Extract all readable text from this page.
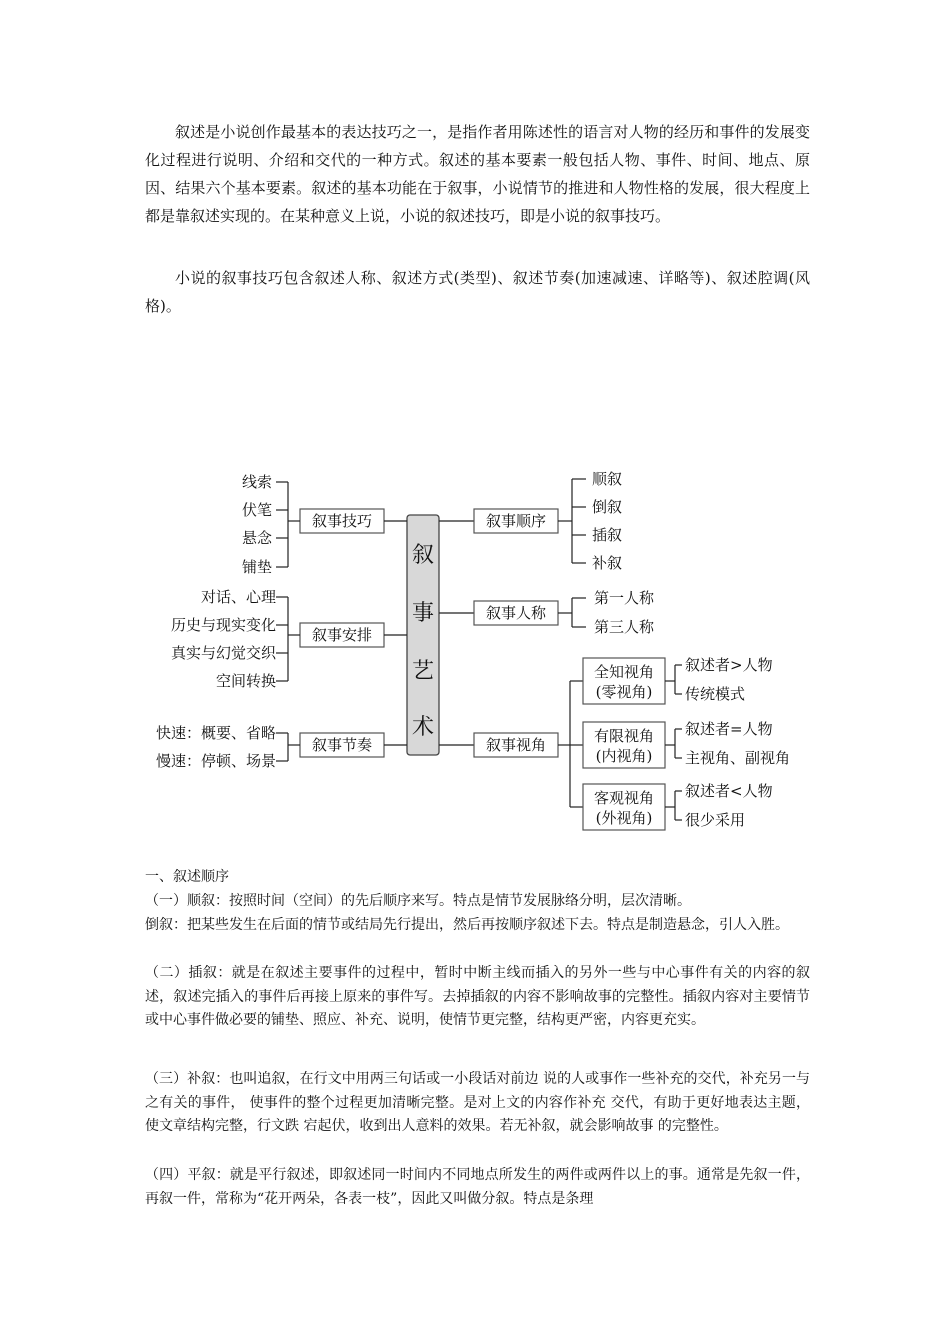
叙述是小说创作最基本的表达技巧之一，是指作者用陈述性的语言对人物的经历和事件的发展变化过程进行说明、介绍和交代的一种方式。叙述的基本要素一般包括人物、事件、时间、地点、原因、结果六个基本要素。叙述的基本功能在于叙事，小说情节的推进和人物性格的发展，很大程度上都是靠叙述实现的。在某种意义上说，小说的叙述技巧，即是小说的叙事技巧。

小说的叙事技巧包含叙述人称、叙述方式(类型)、叙述节奏(加速减速、详略等)、叙述腔调(风格)。

叙
事
艺
术
叙事技巧
线索
伏笔
悬念
铺垫
叙事安排
对话、心理
历史与现实变化
真实与幻觉交织
空间转换
叙事节奏
快速：概要、省略
慢速：停顿、场景
叙事顺序
顺叙
倒叙
插叙
补叙
叙事人称
第一人称
第三人称
叙事视角
全知视角
(零视角)
叙述者>人物
传统模式
有限视角
(内视角)
叙述者=人物
主视角、副视角
客观视角
(外视角)
叙述者<人物
很少采用

一、叙述顺序

（一）顺叙：按照时间（空间）的先后顺序来写。特点是情节发展脉络分明，层次清晰。

倒叙：把某些发生在后面的情节或结局先行提出，然后再按顺序叙述下去。特点是制造悬念，引人入胜。

（二）插叙：就是在叙述主要事件的过程中，暂时中断主线而插入的另外一些与中心事件有关的内容的叙述，叙述完插入的事件后再接上原来的事件写。去掉插叙的内容不影响故事的完整性。插叙内容对主要情节或中心事件做必要的铺垫、照应、补充、说明，使情节更完整，结构更严密，内容更充实。

（三）补叙：也叫追叙，在行文中用两三句话或一小段话对前边 说的人或事作一些补充的交代，补充另一与之有关的事件， 使事件的整个过程更加清晰完整。是对上文的内容作补充 交代，有助于更好地表达主题，使文章结构完整，行文跌 宕起伏，收到出人意料的效果。若无补叙，就会影响故事 的完整性。

（四）平叙：就是平行叙述，即叙述同一时间内不同地点所发生的两件或两件以上的事。通常是先叙一件，再叙一件，常称为“花开两朵，各表一枝”，因此又叫做分叙。特点是条理
